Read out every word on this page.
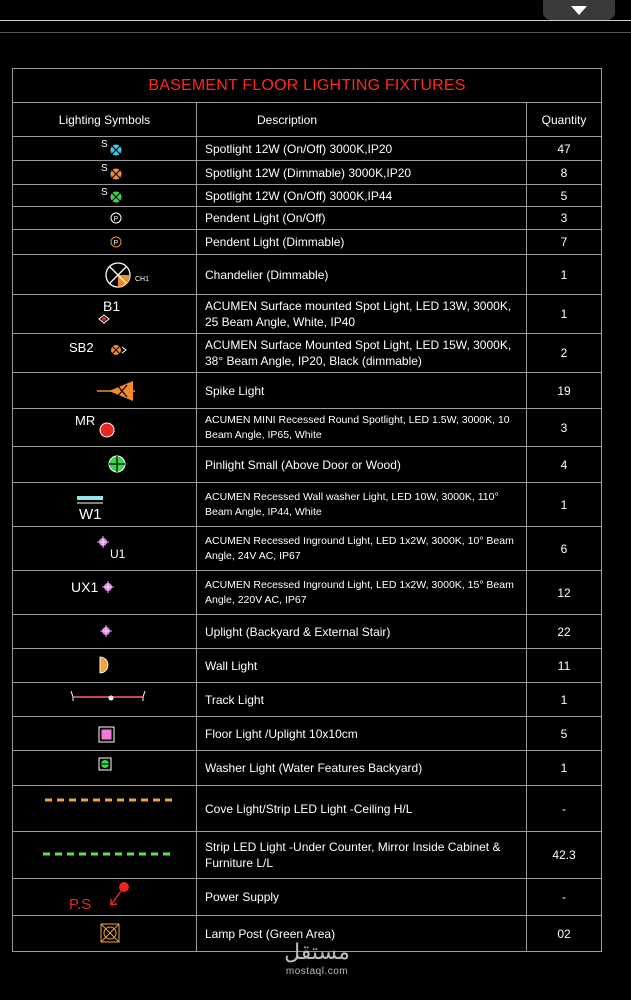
BASEMENT FLOOR LIGHTING FIXTURES		
Lighting Symbols	Description	Quantity

S	Spotlight 12W (On/Off) 3000K,IP20	47

S	Spotlight 12W (Dimmable) 3000K,IP20	8

S	Spotlight 12W (On/Off) 3000K,IP44	5

P	Pendent Light (On/Off)	3

P	Pendent Light (Dimmable)	7

CH1	Chandelier (Dimmable)	1

B1	ACUMEN Surface mounted Spot Light, LED 13W, 3000K, 25 Beam Angle, White, IP40	1

SB2	ACUMEN Surface Mounted Spot Light, LED 15W, 3000K, 38° Beam Angle, IP20, Black (dimmable)	2

	Spike Light	19

MR	ACUMEN MINI Recessed Round Spotlight, LED 1.5W, 3000K, 10 Beam Angle, IP65, White	3

	Pinlight Small (Above Door or Wood)	4

W1	ACUMEN Recessed Wall washer Light, LED 10W, 3000K, 110° Beam Angle, IP44, White	1

U1	ACUMEN Recessed Inground Light, LED 1x2W, 3000K, 10° Beam Angle, 24V AC, IP67	6

UX1	ACUMEN Recessed Inground Light, LED 1x2W, 3000K, 15° Beam Angle, 220V AC, IP67	12

	Uplight (Backyard & External Stair)	22

	Wall Light	11

	Track Light	1

	Floor Light /Uplight 10x10cm	5

	Washer Light (Water Features Backyard)	1

	Cove Light/Strip LED Light -Ceiling H/L	-

	Strip LED Light -Under Counter, Mirror Inside Cabinet & Furniture L/L	42.3

P.S	Power Supply	-

	Lamp Post (Green Area)	02
مستقل
mostaql.com
